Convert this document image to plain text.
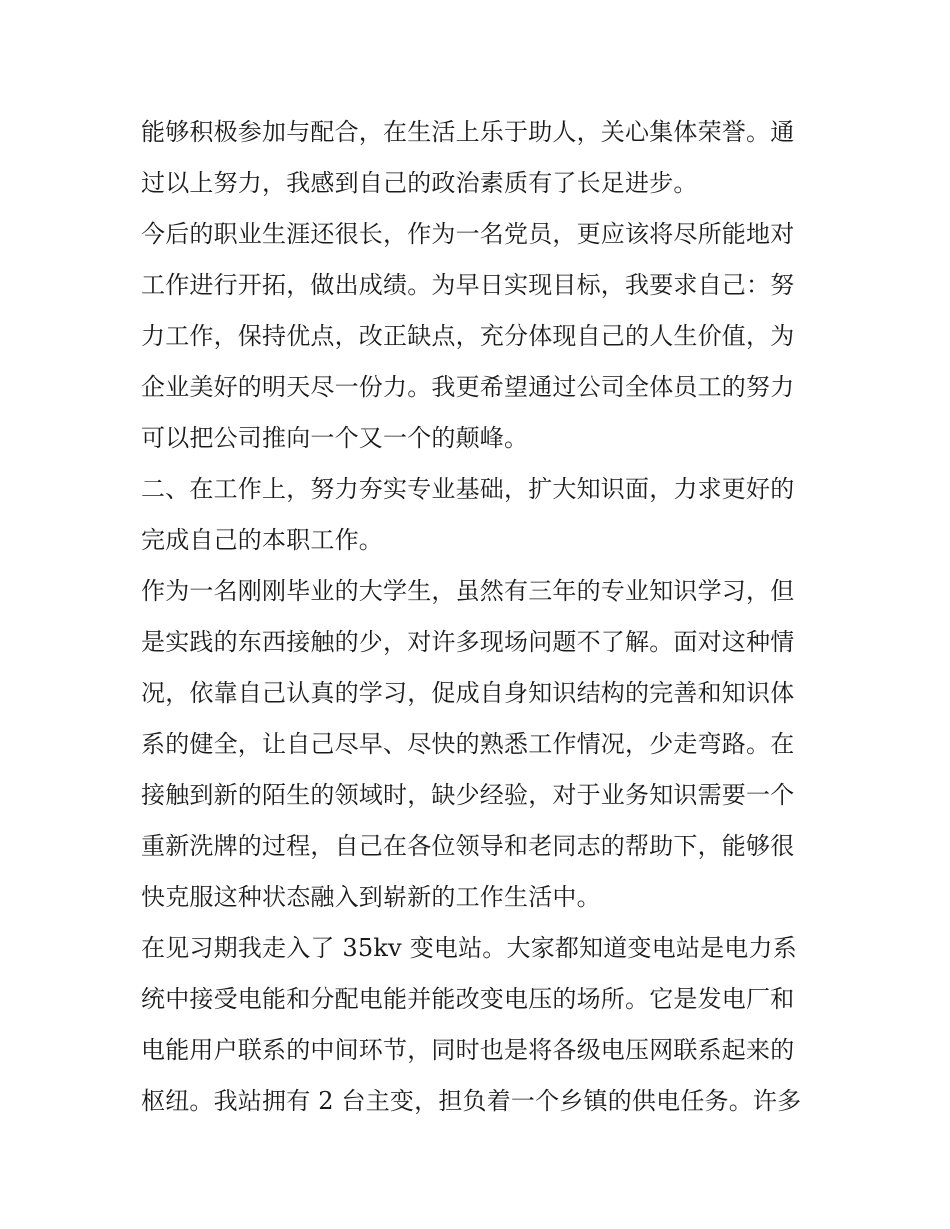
能够积极参加与配合，在生活上乐于助人，关心集体荣誉。通
过以上努力，我感到自己的政治素质有了长足进步。
今后的职业生涯还很长，作为一名党员，更应该将尽所能地对
工作进行开拓，做出成绩。为早日实现目标，我要求自己：努
力工作，保持优点，改正缺点，充分体现自己的人生价值，为
企业美好的明天尽一份力。我更希望通过公司全体员工的努力
可以把公司推向一个又一个的颠峰。
二、在工作上，努力夯实专业基础，扩大知识面，力求更好的
完成自己的本职工作。
作为一名刚刚毕业的大学生，虽然有三年的专业知识学习，但
是实践的东西接触的少，对许多现场问题不了解。面对这种情
况，依靠自己认真的学习，促成自身知识结构的完善和知识体
系的健全，让自己尽早、尽快的熟悉工作情况，少走弯路。在
接触到新的陌生的领域时，缺少经验，对于业务知识需要一个
重新洗牌的过程，自己在各位领导和老同志的帮助下，能够很
快克服这种状态融入到崭新的工作生活中。
在见习期我走入了 35kv 变电站。大家都知道变电站是电力系
统中接受电能和分配电能并能改变电压的场所。它是发电厂和
电能用户联系的中间环节，同时也是将各级电压网联系起来的
枢纽。我站拥有 2 台主变，担负着一个乡镇的供电任务。许多
